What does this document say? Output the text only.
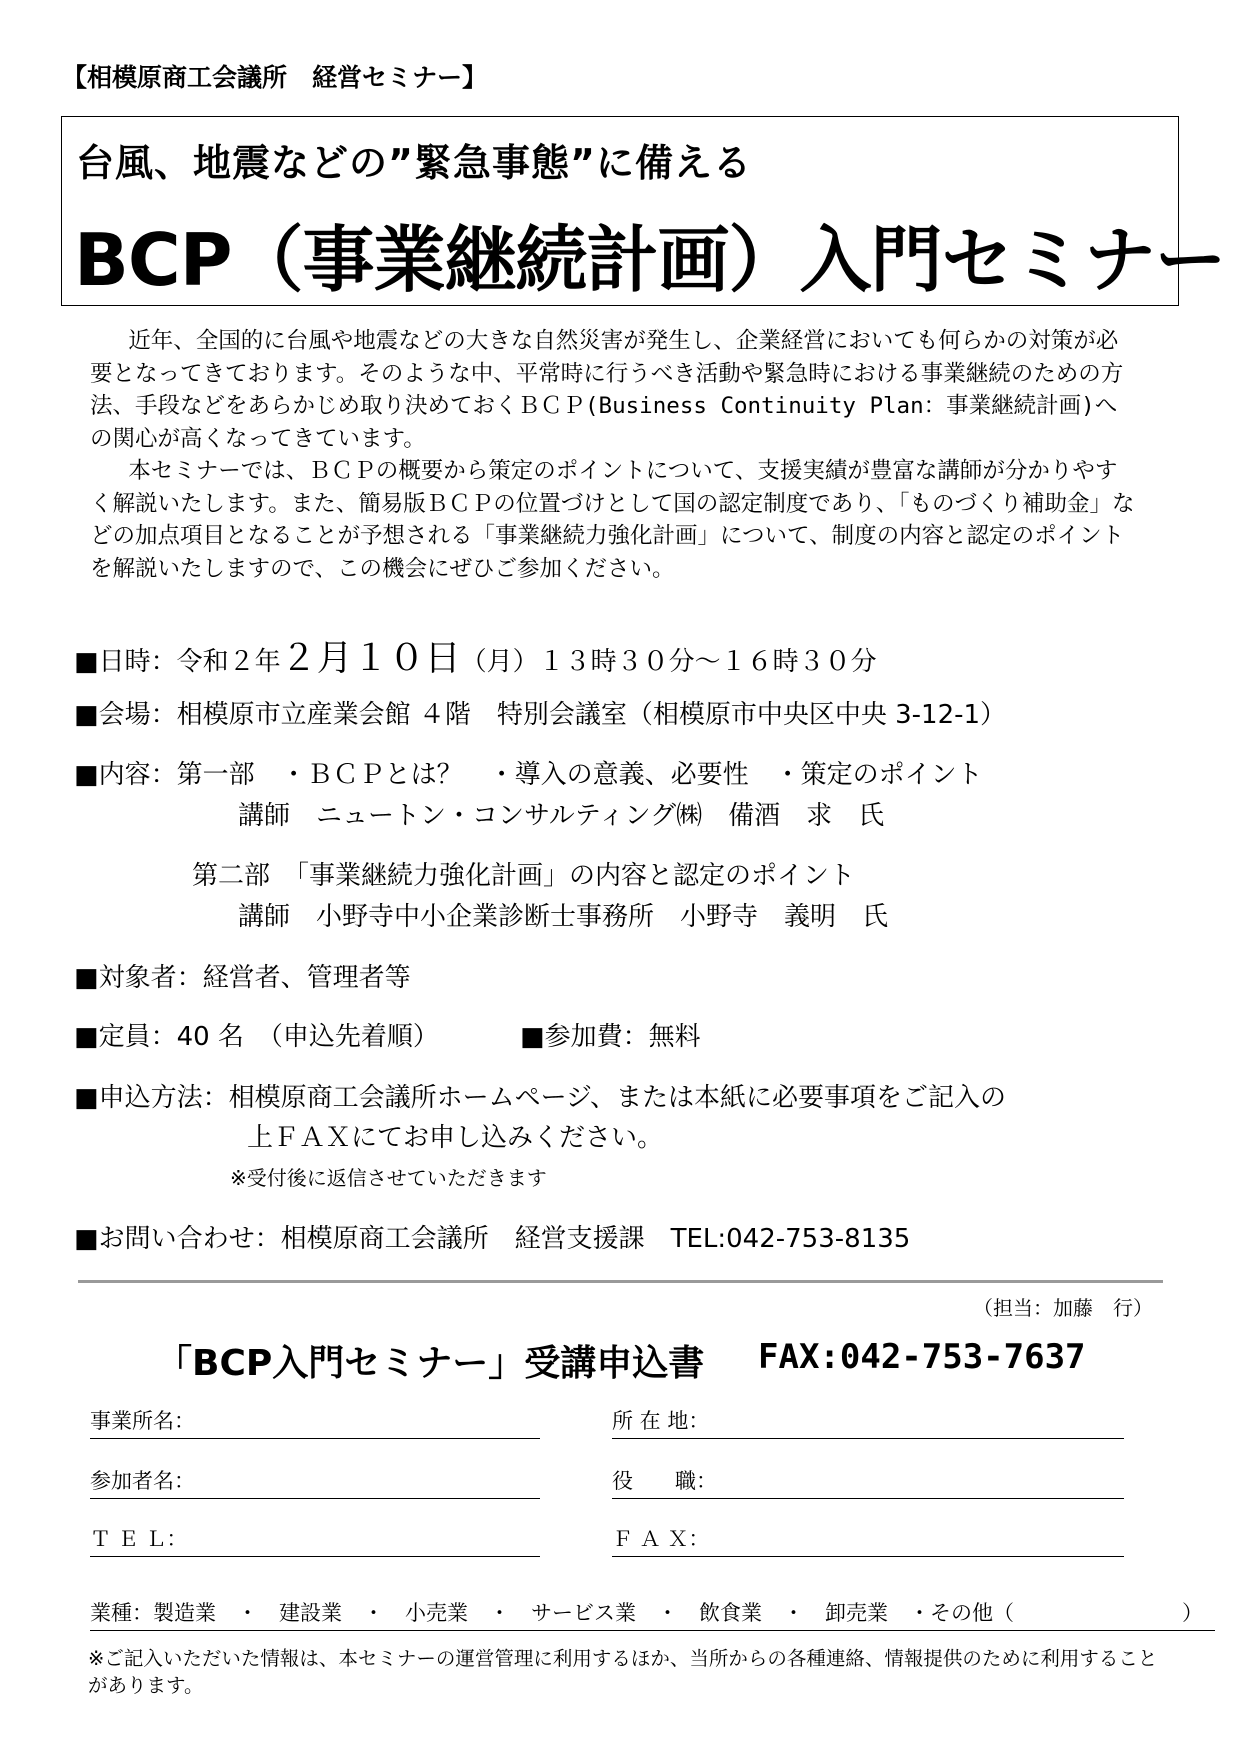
【相模原商工会議所　経営セミナー】
台風、地震などの”緊急事態”に備える
BCP（事業継続計画）入門セミナー

近年、全国的に台風や地震などの大きな自然災害が発生し、企業経営においても何らかの対策が必要となってきております。そのような中、平常時に行うべき活動や緊急時における事業継続のための方法、手段などをあらかじめ取り決めておくＢＣＰ(Business Continuity Plan：事業継続計画)への関心が高くなってきています。

本セミナーでは、ＢＣＰの概要から策定のポイントについて、支援実績が豊富な講師が分かりやすく解説いたします。また、簡易版ＢＣＰの位置づけとして国の認定制度であり、「ものづくり補助金」などの加点項目となることが予想される「事業継続力強化計画」について、制度の内容と認定のポイントを解説いたしますので、この機会にぜひご参加ください。

■日時：令和２年２月１０日（月）１３時３０分～１６時３０分
■会場：相模原市立産業会館 ４階　特別会議室（相模原市中央区中央 3-12-1）
■内容：第一部　・ＢＣＰとは？　・導入の意義、必要性　・策定のポイント
講師　ニュートン・コンサルティング㈱　備酒　求　氏
第二部　「事業継続力強化計画」の内容と認定のポイント
講師　小野寺中小企業診断士事務所　小野寺　義明　氏
■対象者：経営者、管理者等
■定員：40 名　（申込先着順）	■参加費：無料
■申込方法：相模原商工会議所ホームページ、または本紙に必要事項をご記入の
上ＦＡＸにてお申し込みください。
※受付後に返信させていただきます
■お問い合わせ：相模原商工会議所　経営支援課　TEL:042-753-8135
（担当：加藤　行）
「BCP入門セミナー」受講申込書 FAX:042-753-7637
事業所名：	所 在 地：
参加者名：	役　　職：
Ｔ Ｅ Ｌ：	Ｆ Ａ Ｘ：
業種：製造業　・　建設業　・　小売業　・　サービス業　・　飲食業　・　卸売業　・その他（　　　　　　　　）
※ご記入いただいた情報は、本セミナーの運営管理に利用するほか、当所からの各種連絡、情報提供のために利用することがあります。
